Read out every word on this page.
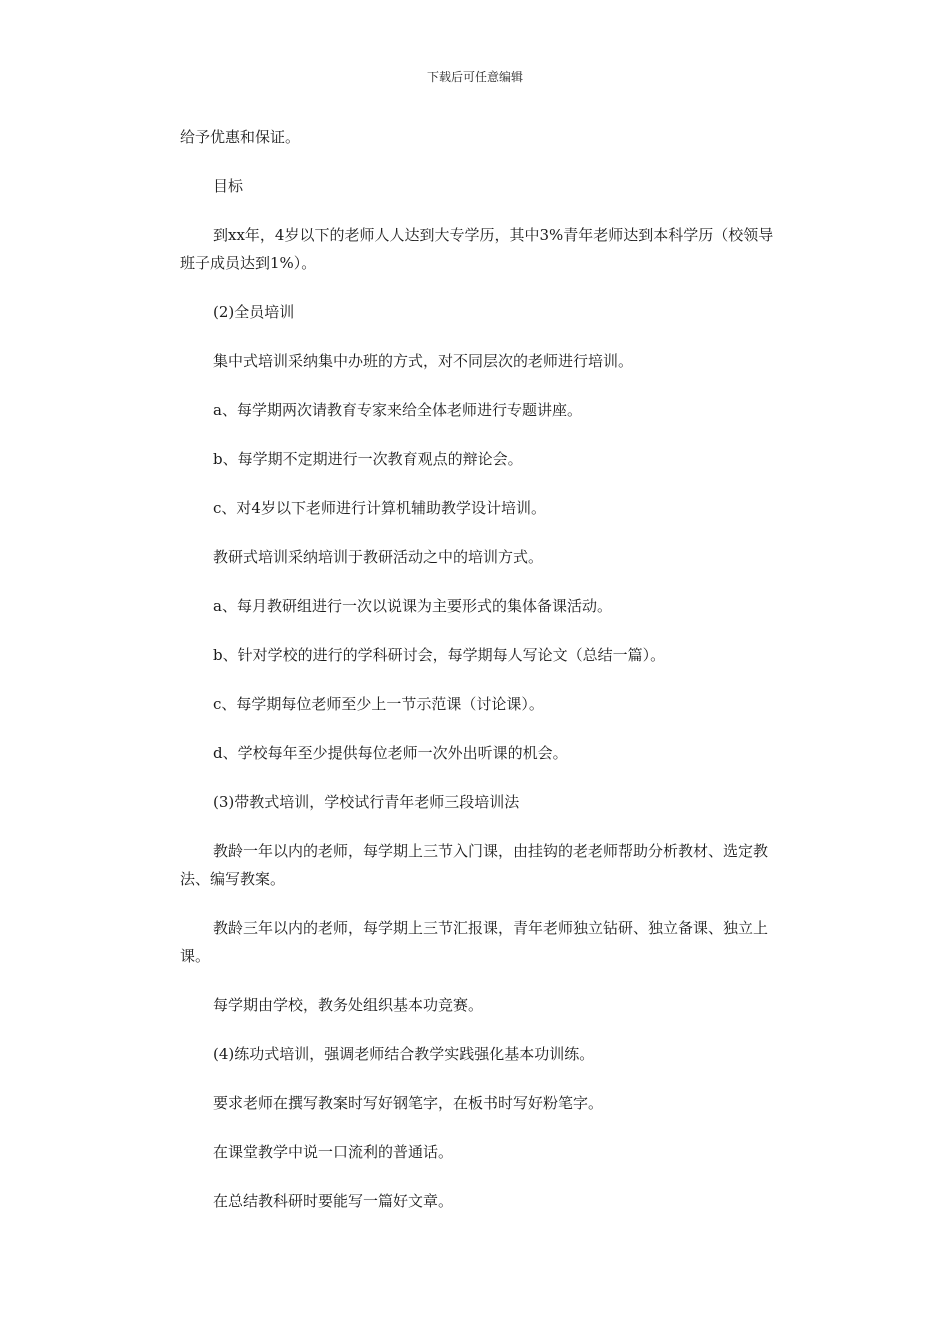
下载后可任意编辑

给予优惠和保证。

目标

到xx年，4岁以下的老师人人达到大专学历，其中3%青年老师达到本科学历（校领导班子成员达到1%）。

(2)全员培训

集中式培训采纳集中办班的方式，对不同层次的老师进行培训。

a、每学期两次请教育专家来给全体老师进行专题讲座。

b、每学期不定期进行一次教育观点的辩论会。

c、对4岁以下老师进行计算机辅助教学设计培训。

教研式培训采纳培训于教研活动之中的培训方式。

a、每月教研组进行一次以说课为主要形式的集体备课活动。

b、针对学校的进行的学科研讨会，每学期每人写论文（总结一篇）。

c、每学期每位老师至少上一节示范课（讨论课）。

d、学校每年至少提供每位老师一次外出听课的机会。

(3)带教式培训，学校试行青年老师三段培训法

教龄一年以内的老师，每学期上三节入门课，由挂钩的老老师帮助分析教材、选定教法、编写教案。

教龄三年以内的老师，每学期上三节汇报课，青年老师独立钻研、独立备课、独立上课。

每学期由学校，教务处组织基本功竞赛。

(4)练功式培训，强调老师结合教学实践强化基本功训练。

要求老师在撰写教案时写好钢笔字，在板书时写好粉笔字。

在课堂教学中说一口流利的普通话。

在总结教科研时要能写一篇好文章。
